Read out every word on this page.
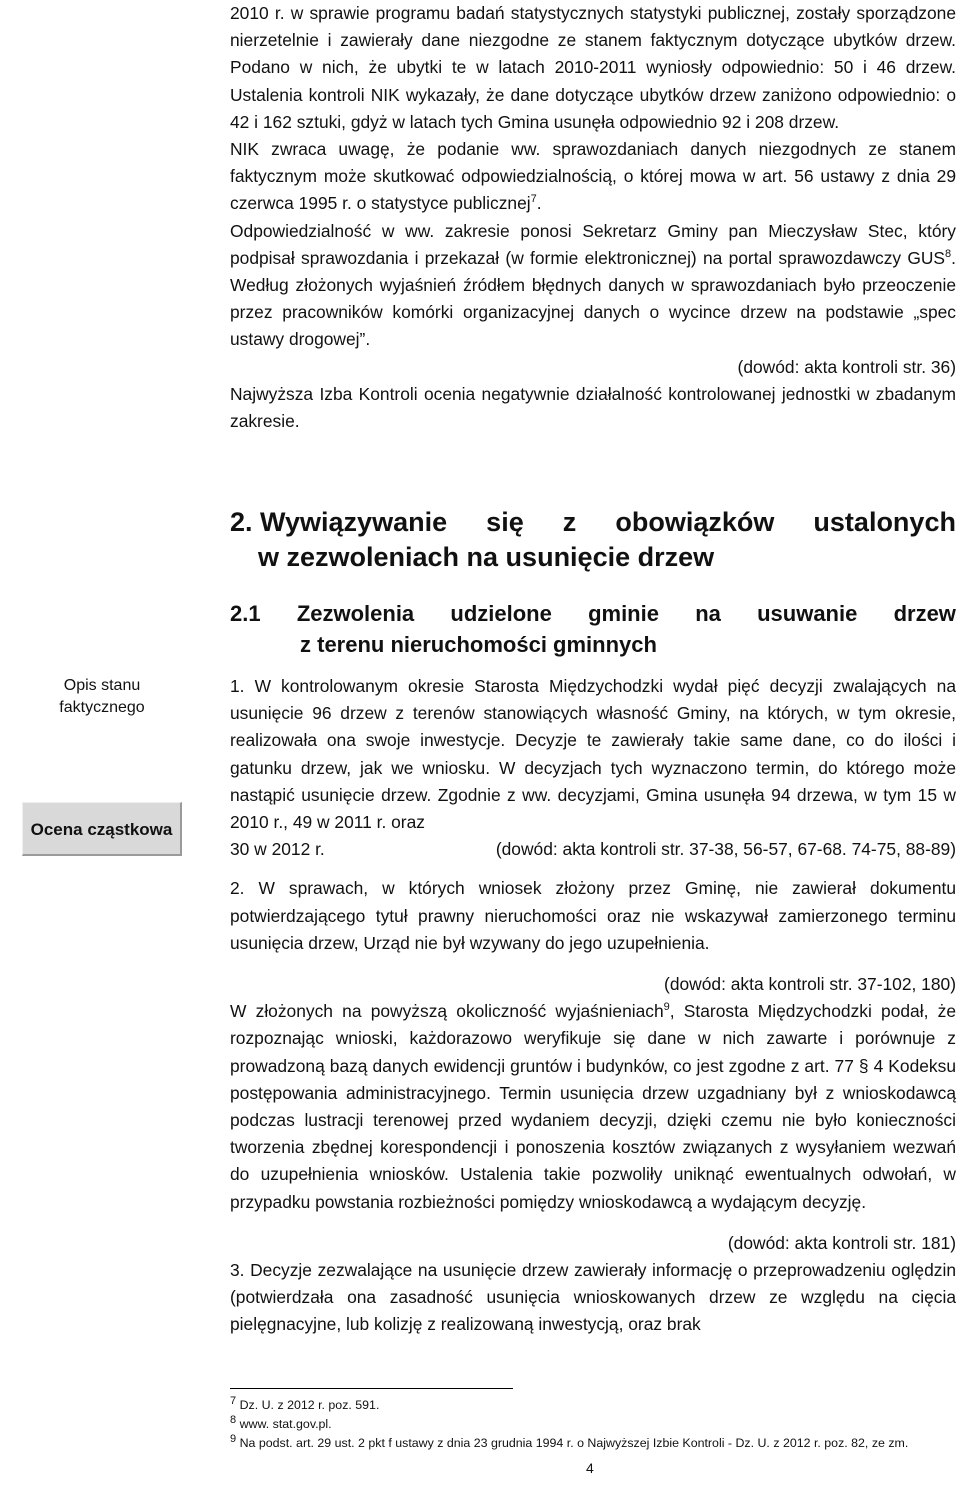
Ocena cząstkowa
Opis stanu
faktycznego

2010 r. w sprawie programu badań statystycznych statystyki publicznej, zostały sporządzone nierzetelnie i zawierały dane niezgodne ze stanem faktycznym dotyczące ubytków drzew. Podano w nich, że ubytki te w latach 2010-2011 wyniosły odpowiednio: 50 i 46 drzew. Ustalenia kontroli NIK wykazały, że dane dotyczące ubytków drzew zaniżono odpowiednio: o 42 i 162 sztuki, gdyż w latach tych Gmina usunęła odpowiednio 92 i 208 drzew.

NIK zwraca uwagę, że podanie ww. sprawozdaniach danych niezgodnych ze stanem faktycznym może skutkować odpowiedzialnością, o której mowa w art. 56 ustawy z dnia 29 czerwca 1995 r. o statystyce publicznej$^7$.

Odpowiedzialność w ww. zakresie ponosi Sekretarz Gminy pan Mieczysław Stec, który podpisał sprawozdania i przekazał (w formie elektronicznej) na portal sprawozdawczy GUS$^8$. Według złożonych wyjaśnień źródłem błędnych danych w sprawozdaniach było przeoczenie przez pracowników komórki organizacyjnej danych o wycince drzew na podstawie „spec ustawy drogowej”.

(dowód: akta kontroli str. 36)

Najwyższa Izba Kontroli ocenia negatywnie działalność kontrolowanej jednostki w zbadanym zakresie.

2. Wywiązywanie się z obowiązków ustalonych
w zezwoleniach na usunięcie drzew
2.1 Zezwolenia udzielone gminie na usuwanie drzew
z terenu nieruchomości gminnych

1. W kontrolowanym okresie Starosta Międzychodzki wydał pięć decyzji zwalających na usunięcie 96 drzew z terenów stanowiących własność Gminy, na których, w tym okresie, realizowała ona swoje inwestycje. Decyzje te zawierały takie same dane, co do ilości i gatunku drzew, jak we wniosku. W decyzjach tych wyznaczono termin, do którego może nastąpić usunięcie drzew. Zgodnie z ww. decyzjami, Gmina usunęła 94 drzewa, w tym 15 w 2010 r., 49 w 2011 r. oraz

30 w 2012 r.	(dowód: akta kontroli str. 37-38, 56-57, 67-68. 74-75, 88-89)

2. W sprawach, w których wniosek złożony przez Gminę, nie zawierał dokumentu potwierdzającego tytuł prawny nieruchomości oraz nie wskazywał zamierzonego terminu usunięcia drzew, Urząd nie był wzywany do jego uzupełnienia.

(dowód: akta kontroli str. 37-102, 180)

W złożonych na powyższą okoliczność wyjaśnieniach$^9$, Starosta Międzychodzki podał, że rozpoznając wnioski, każdorazowo weryfikuje się dane w nich zawarte i porównuje z prowadzoną bazą danych ewidencji gruntów i budynków, co jest zgodne z art. 77 § 4 Kodeksu postępowania administracyjnego. Termin usunięcia drzew uzgadniany był z wnioskodawcą podczas lustracji terenowej przed wydaniem decyzji, dzięki czemu nie było konieczności tworzenia zbędnej korespondencji i ponoszenia kosztów związanych z wysyłaniem wezwań do uzupełnienia wniosków. Ustalenia takie pozwoliły uniknąć ewentualnych odwołań, w przypadku powstania rozbieżności pomiędzy wnioskodawcą a wydającym decyzję.

(dowód: akta kontroli str. 181)

3. Decyzje zezwalające na usunięcie drzew zawierały informację o przeprowadzeniu oględzin (potwierdzała ona zasadność usunięcia wnioskowanych drzew ze względu na cięcia pielęgnacyjne, lub kolizję z realizowaną inwestycją, oraz brak

$^7$ Dz. U. z 2012 r. poz. 591.
$^8$ www. stat.gov.pl.
$^9$ Na podst. art. 29 ust. 2 pkt f ustawy z dnia 23 grudnia 1994 r. o Najwyższej Izbie Kontroli - Dz. U. z 2012 r. poz. 82, ze zm.
4
